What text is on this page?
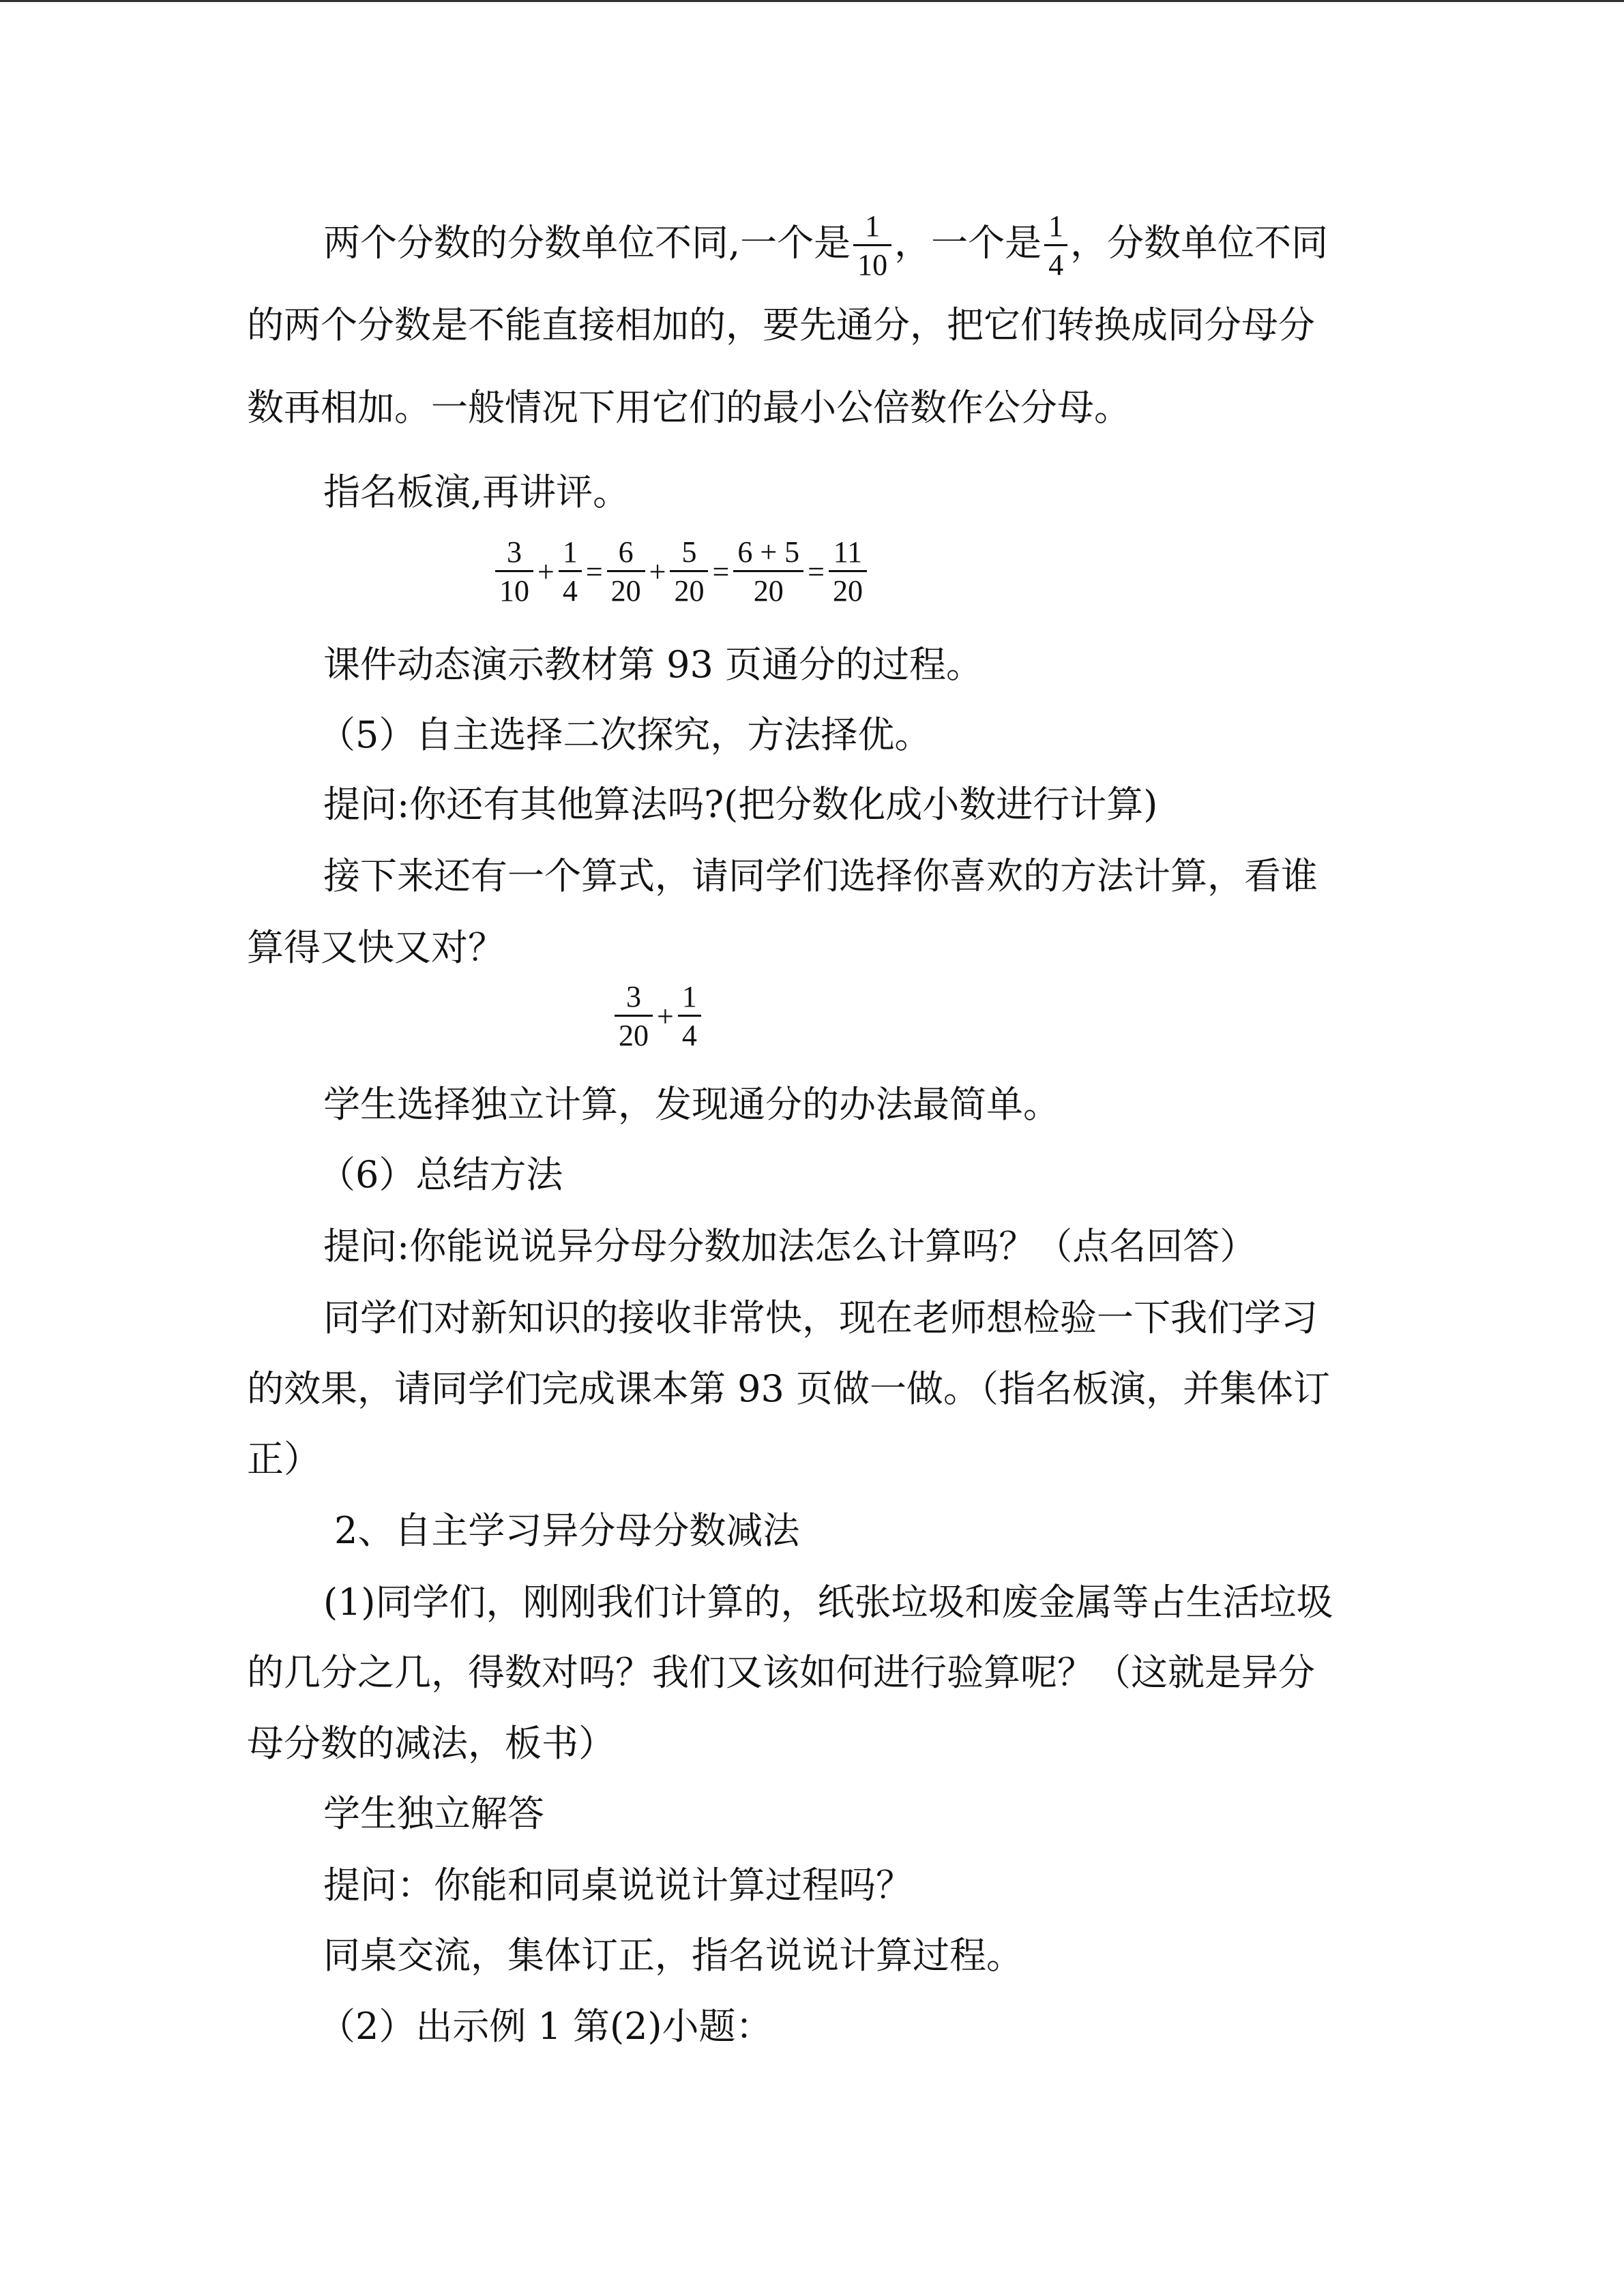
两个分数的分数单位不同,一个是 $\frac{1}{10}$ ，一个是 $\frac{1}{4}$ ，分数单位不同
的两个分数是不能直接相加的，要先通分，把它们转换成同分母分
数再相加。一般情况下用它们的最小公倍数作公分母。
指名板演,再讲评。
$\frac{3}{10} + \frac{1}{4} = \frac{6}{20} + \frac{5}{20} = \frac{6 + 5}{20} = \frac{11}{20}$
课件动态演示教材第 93 页通分的过程。
（5）自主选择二次探究，方法择优。
提问:你还有其他算法吗?(把分数化成小数进行计算)
接下来还有一个算式，请同学们选择你喜欢的方法计算，看谁
算得又快又对？
$\frac{3}{20} + \frac{1}{4}$
学生选择独立计算，发现通分的办法最简单。
（6）总结方法
提问:你能说说异分母分数加法怎么计算吗？（点名回答）
同学们对新知识的接收非常快，现在老师想检验一下我们学习
的效果，请同学们完成课本第 93 页做一做。（指名板演，并集体订
正）
2、自主学习异分母分数减法
(1)同学们，刚刚我们计算的，纸张垃圾和废金属等占生活垃圾
的几分之几，得数对吗？我们又该如何进行验算呢？（这就是异分
母分数的减法，板书）
学生独立解答
提问：你能和同桌说说计算过程吗？
同桌交流，集体订正，指名说说计算过程。
（2）出示例 1 第(2)小题：
